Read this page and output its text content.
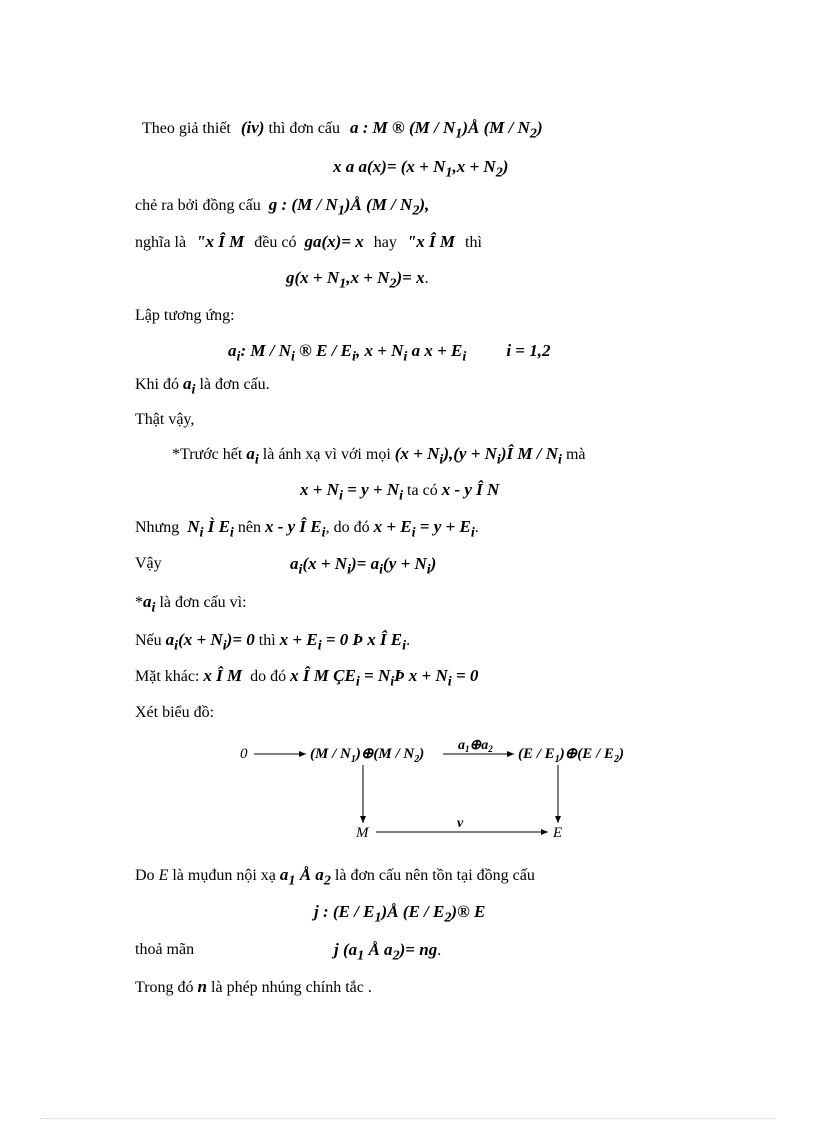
Theo giả thiết (iv) thì đơn cấu a : M ® $(M / N_1)Å$ $(M / N_2)$
x a $a(x)= (x + N_1,x + N_2)$
chẻ ra bởi đồng cấu g : $(M / N_1)Å$ $(M / N_2)$,
nghĩa là "x Î M đều có ga(x)= x hay "x Î M thì
$g(x + N_1,x + N_2)= x$.
Lập tương ứng:
$a_i$: M / $N_i$ ® E / $E_i$, $x + N_i$ a $x + E_i$ i = 1,2
Khi đó $a_i$ là đơn cấu.
Thật vậy,
*Trước hết $a_i$ là ánh xạ vì với mọi $(x + N_i),(y$ + $N_i)Î$ M / $N_i$ mà
$x + N_i = y + N_i$ ta có x - y Î N
Nhưng $N_i$ Ì $E_i$ nên x - y Î $E_i$, do đó $x + E_i = y + E_i$.
Vậy	$a_i(x + N_i)= a_i(y + N_i)$
$*a_i$ là đơn cấu vì:
Nếu $a_i(x + N_i)= 0$ thì $x + E_i = 0$ Þ x Î $E_i$.
Mặt khác: x Î M do đó x Î M $ÇE_i$ = $N_iÞ$ $x + N_i = 0$
Xét biểu đồ:
0	$(M / N_1)\oplus(M / N_2)$
$a_1\oplus a_2$ $(E / E_1)\oplus(E / E_2)$
M
v
E
Do E là mụđun nội xạ $a_1$ Å $a_2$ là đơn cấu nên tồn tại đồng cấu
j : $(E / E_1)Å$ $(E / E_2)®$ E
thoả mãn	j ($a_1$ Å $a_2)=$ ng.
Trong đó n là phép nhúng chính tắc .
